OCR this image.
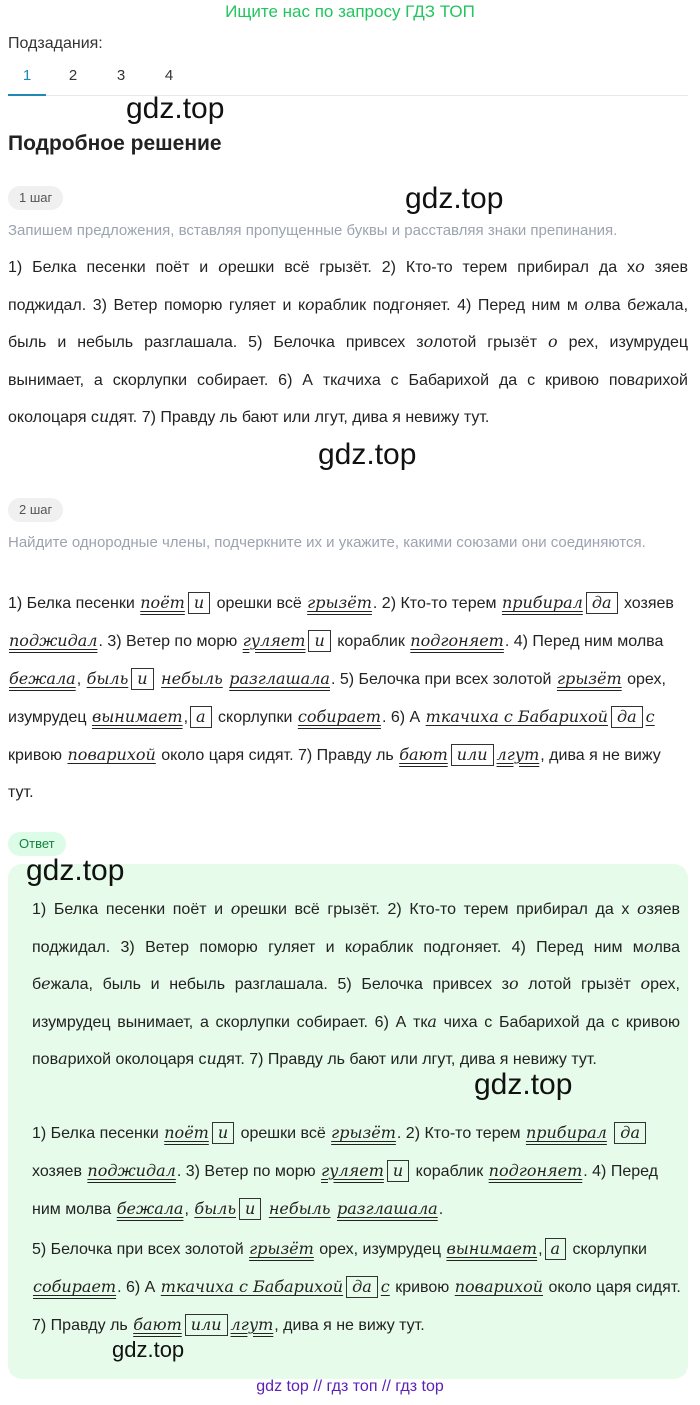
Ищите нас по запросу ГДЗ ТОП
Подзадания:
1	2	3	4
gdz.top
Подробное решение
1 шаг	gdz.top
Запишем предложения, вставляя пропущенные буквы и расставляя знаки препинания.
1) Белка песенки поёт и орешки всё грызёт. 2) Кто-то терем прибирал да хо зяев поджидал. 3) Ветер поморю гуляет и кораблик подгоняет. 4) Перед ним м олва бежала, быль и небыль разглашала. 5) Белочка привсех золотой грызёт о рех, изумрудец вынимает, а скорлупки собирает. 6) А ткачиха с Бабарихой да с кривою поварихой околоцаря сидят. 7) Правду ль бают или лгут, дива я невижу тут.
gdz.top
2 шаг
Найдите однородные члены, подчеркните их и укажите, какими союзами они соединяются.
1) Белка песенки поёт и орешки всё грызёт. 2) Кто-то терем прибирал да хозяев поджидал. 3) Ветер по морю гуляет и кораблик подгоняет. 4) Перед ним молва бежала, быль и небыль разглашала. 5) Белочка при всех золотой грызёт орех, изумрудец вынимает, а скорлупки собирает. 6) А ткачиха с Бабарихой да с кривою поварихой около царя сидят. 7) Правду ль бают или лгут, дива я не вижу тут.
Ответ
gdz.top
1) Белка песенки поёт и орешки всё грызёт. 2) Кто-то терем прибирал да х озяев поджидал. 3) Ветер поморю гуляет и кораблик подгоняет. 4) Перед ним молва бежала, быль и небыль разглашала. 5) Белочка привсех зо лотой грызёт орех, изумрудец вынимает, а скорлупки собирает. 6) А тка чиха с Бабарихой да с кривою поварихой околоцаря сидят. 7) Правду ль бают или лгут, дива я невижу тут.
gdz.top
1) Белка песенки поёт и орешки всё грызёт. 2) Кто-то терем прибирал да хозяев поджидал. 3) Ветер по морю гуляет и кораблик подгоняет. 4) Перед ним молва бежала, быль и небыль разглашала.
5) Белочка при всех золотой грызёт орех, изумрудец вынимает, а скорлупки собирает. 6) А ткачиха с Бабарихой да с кривою поварихой около царя сидят. 7) Правду ль бают или лгут, дива я не вижу тут.
gdz.top
gdz top // гдз топ // гдз top
